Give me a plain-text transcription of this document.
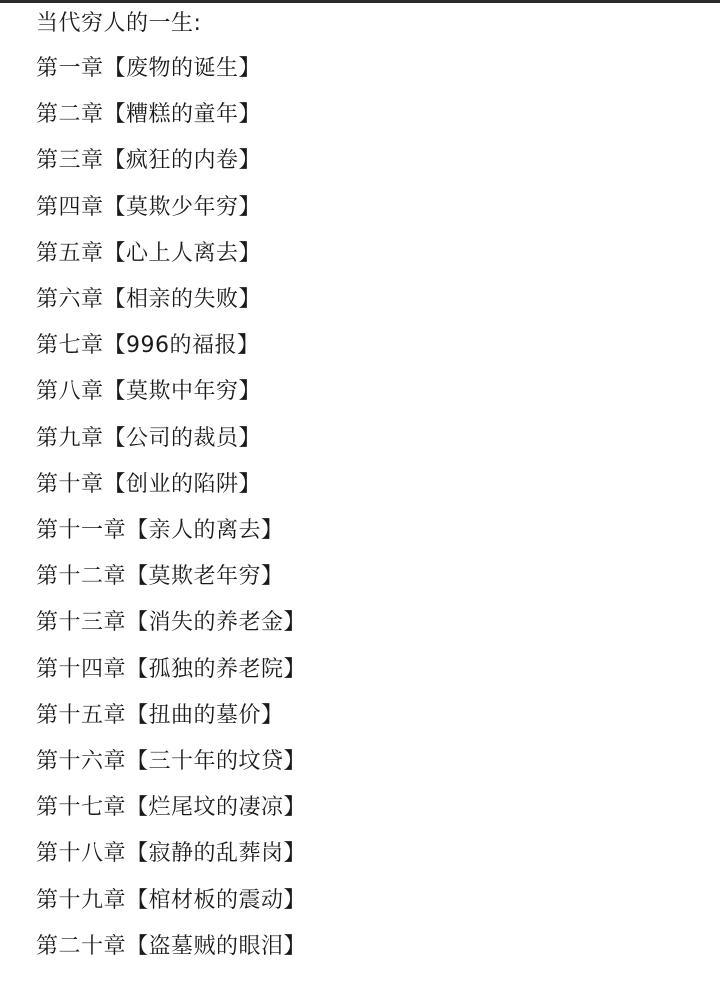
当代穷人的一生:
第一章【废物的诞生】
第二章【糟糕的童年】
第三章【疯狂的内卷】
第四章【莫欺少年穷】
第五章【心上人离去】
第六章【相亲的失败】
第七章【996的福报】
第八章【莫欺中年穷】
第九章【公司的裁员】
第十章【创业的陷阱】
第十一章【亲人的离去】
第十二章【莫欺老年穷】
第十三章【消失的养老金】
第十四章【孤独的养老院】
第十五章【扭曲的墓价】
第十六章【三十年的坟贷】
第十七章【烂尾坟的凄凉】
第十八章【寂静的乱葬岗】
第十九章【棺材板的震动】
第二十章【盗墓贼的眼泪】
